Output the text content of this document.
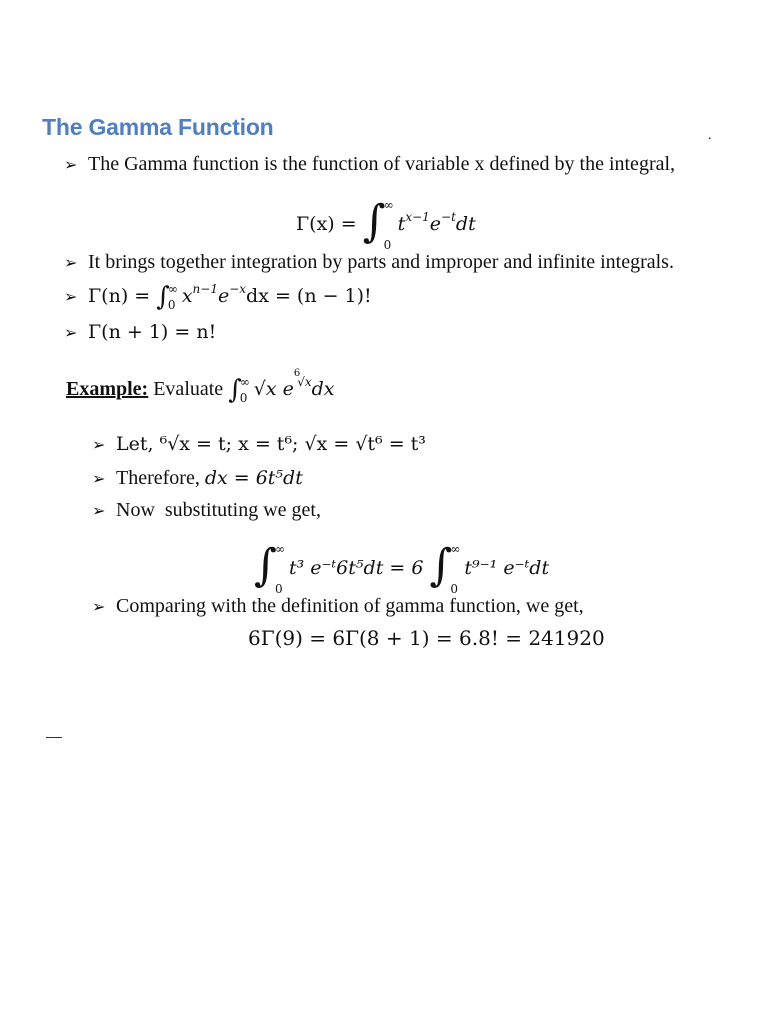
The Gamma Function	.
➢ The Gamma function is the function of variable x defined by the integral,
Γ(x) = ∫
∞
0
$t^{x-1}e^{-t}dt$
➢ It brings together integration by parts and improper and infinite integrals.
➢ Γ(n) = ∫
∞
0 $x^{n-1}e^{-x}dx = (n - 1)$!
➢ Γ(n + 1) = n!
Example: Evaluate ∫
∞
0 √x $e^{^6√x}dx$
➢ Let, ⁶√x = t; x = t⁶; √x = √t⁶ = t³
➢ Therefore, dx = 6t⁵dt
➢ Now  substituting we get,
∫
∞
0
t³ e⁻ᵗ6t⁵dt = 6 ∫
∞
0
t⁹⁻¹ e⁻ᵗdt
➢ Comparing with the definition of gamma function, we get,
6Γ(9) = 6Γ(8 + 1) = 6.8! = 241920
